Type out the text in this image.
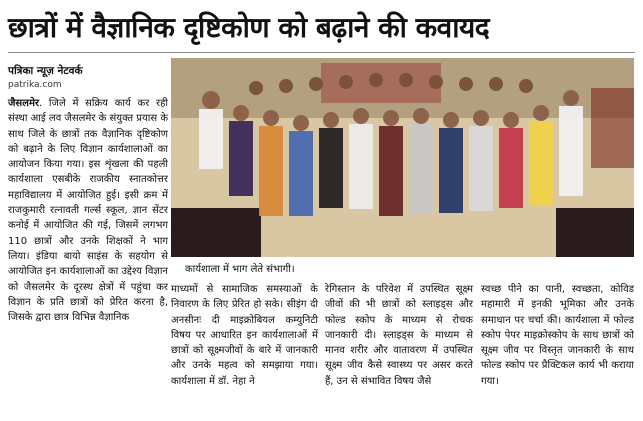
छात्रों में वैज्ञानिक दृष्टिकोण को बढ़ाने की कवायद
पत्रिका न्यूज़ नेटवर्क
patrika.com
जैसलमेर. जिले में सक्रिय कार्य कर रही संस्था आई लव जैसलमेर के संयुक्त प्रयास के साथ जिले के छात्रों तक वैज्ञानिक दृष्टिकोण को बढ़ाने के लिए विज्ञान कार्यशालाओं का आयोजन किया गया। इस शृंखला की पहली कार्यशाला एसबीके राजकीय स्नातकोत्तर महाविद्यालय में आयोजित हुई। इसी क्रम में राजकुमारी रत्नावती गर्ल्स स्कूल, ज्ञान सेंटर कनोई में आयोजित की गई, जिसमें लगभग 110 छात्रों और उनके शिक्षकों ने भाग लिया। इंडिया बायो साइंस के सहयोग से आयोजित इन कार्यशालाओं का उद्देश्य विज्ञान को जैसलमेर के दूरस्थ क्षेत्रों में पहुंचा कर विज्ञान के प्रति छात्रों को प्रेरित करना है, जिसके द्वारा छात्र विभिन्न वैज्ञानिक
कार्यशाला में भाग लेते संभागी।
माध्यमों से सामाजिक समस्याओं के निवारण के लिए प्रेरित हो सके। सीइंग दी अनसीनः दी माइक्रोबियल कम्युनिटी विषय पर आधारित इन कार्यशालाओं में छात्रों को सूक्ष्मजीवों के बारे में जानकारी और उनके महत्व को समझाया गया। कार्यशाला में डॉ. नेहा ने
रेगिस्तान के परिवेश में उपस्थित सूक्ष्म जीवों की भी छात्रों को स्लाइड्स और फोल्ड स्कोप के माध्यम से रोचक जानकारी दी। स्लाइड्स के माध्यम से मानव शरीर और वातावरण में उपस्थित सूक्ष्म जीव कैसे स्वास्थ्य पर असर करते हैं, उन से संभावित विषय जैसे
स्वच्छ पीने का पानी, स्वच्छता, कोविड महामारी में इनकी भूमिका और उनके समाधान पर चर्चा की। कार्यशाला में फोल्ड स्कोप पेपर माइक्रोस्कोप के साथ छात्रों को सूक्ष्म जीव पर विस्तृत जानकारी के साथ फोल्ड स्कोप पर प्रैक्टिकल कार्य भी कराया गया।
